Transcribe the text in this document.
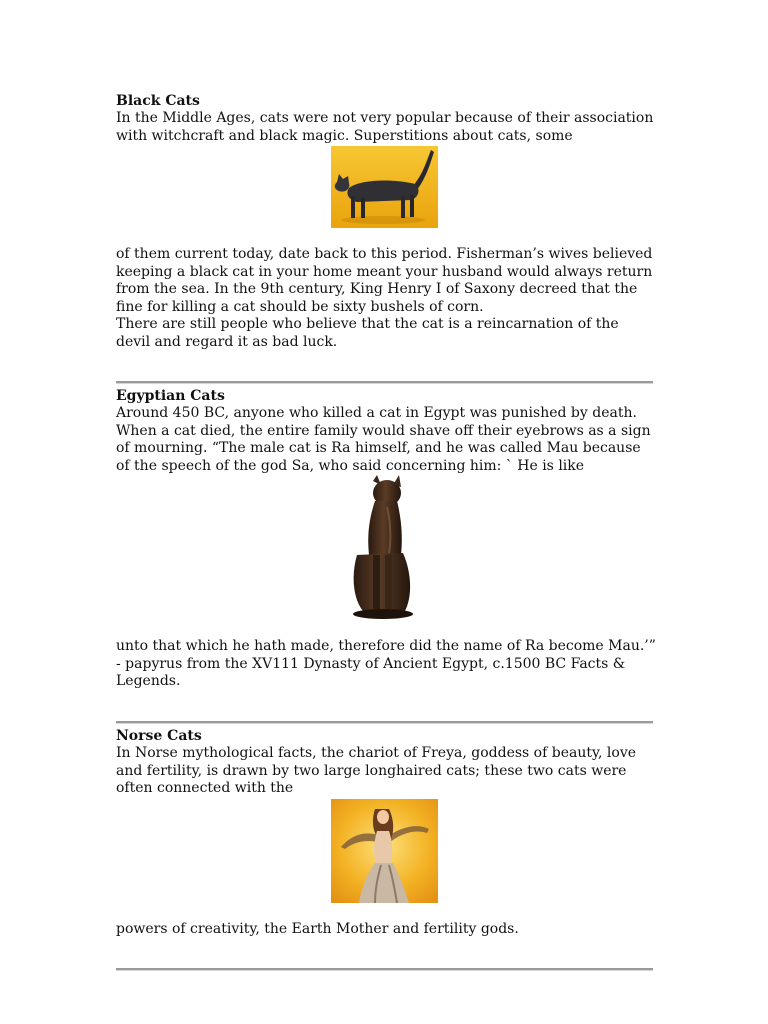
Black Cats

In the Middle Ages, cats were not very popular because of their association with witchcraft and black magic. Superstitions about cats, some

of them current today, date back to this period. Fisherman’s wives believed keeping a black cat in your home meant your husband would always return from the sea. In the 9th century, King Henry I of Saxony decreed that the fine for killing a cat should be sixty bushels of corn.

There are still people who believe that the cat is a reincarnation of the devil and regard it as bad luck.

Egyptian Cats

Around 450 BC, anyone who killed a cat in Egypt was punished by death. When a cat died, the entire family would shave off their eyebrows as a sign of mourning. “The male cat is Ra himself, and he was called Mau because of the speech of the god Sa, who said concerning him: ` He is like

unto that which he hath made, therefore did the name of Ra become Mau.’” - papyrus from the XV111 Dynasty of Ancient Egypt, c.1500 BC Facts & Legends.

Norse Cats

In Norse mythological facts, the chariot of Freya, goddess of beauty, love and fertility, is drawn by two large longhaired cats; these two cats were often connected with the

powers of creativity, the Earth Mother and fertility gods.
